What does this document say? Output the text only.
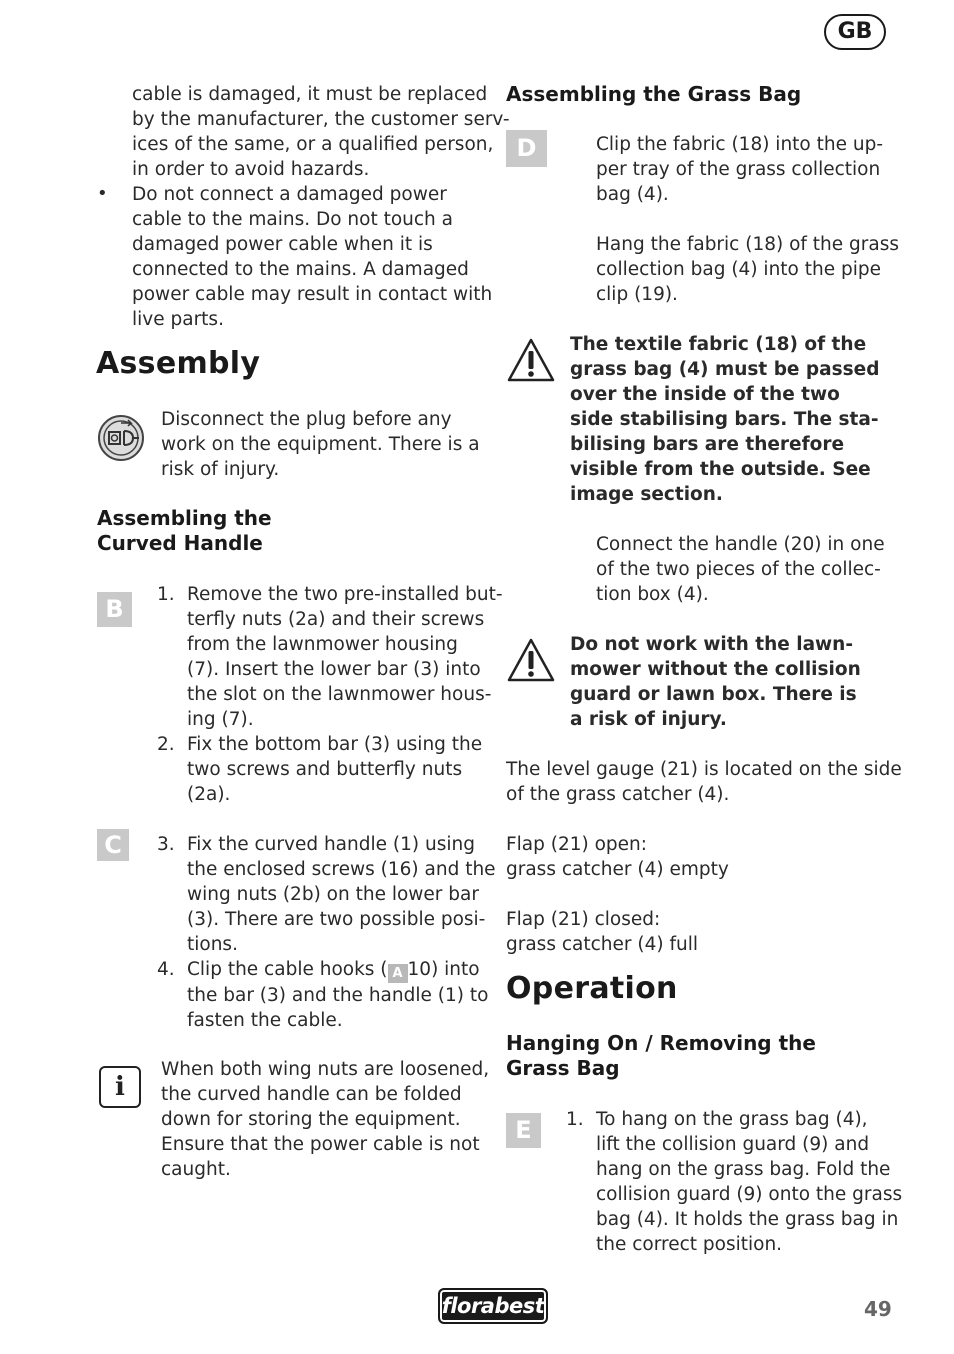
GB
cable is damaged, it must be replaced
by the manufacturer, the customer serv-
ices of the same, or a qualified person,
in order to avoid hazards.
• Do not connect a damaged power
cable to the mains. Do not touch a
damaged power cable when it is
connected to the mains. A damaged
power cable may result in contact with
live parts.
Assembly
Disconnect the plug before any
work on the equipment. There is a
risk of injury.
Assembling the
Curved Handle
B
1. Remove the two pre-installed but-
terfly nuts (2a) and their screws
from the lawnmower housing
(7). Insert the lower bar (3) into
the slot on the lawnmower hous-
ing (7).
2. Fix the bottom bar (3) using the
two screws and butterfly nuts
(2a).
C	3. Fix the curved handle (1) using
the enclosed screws (16) and the
wing nuts (2b) on the lower bar
(3). There are two possible posi-
tions.
4. Clip the cable hooks ( A 10) into
the bar (3) and the handle (1) to
fasten the cable.
i
When both wing nuts are loosened,
the curved handle can be folded
down for storing the equipment.
Ensure that the power cable is not
caught.
Assembling the Grass Bag
D	Clip the fabric (18) into the up-
per tray of the grass collection
bag (4).
Hang the fabric (18) of the grass
collection bag (4) into the pipe
clip (19).
The textile fabric (18) of the
grass bag (4) must be passed
over the inside of the two
side stabilising bars. The sta-
bilising bars are therefore
visible from the outside. See
image section.
Connect the handle (20) in one
of the two pieces of the collec-
tion box (4).
Do not work with the lawn-
mower without the collision
guard or lawn box. There is
a risk of injury.
The level gauge (21) is located on the side
of the grass catcher (4).
Flap (21) open:
grass catcher (4) empty
Flap (21) closed:
grass catcher (4) full
Operation
Hanging On / Removing the
Grass Bag
E	1. To hang on the grass bag (4),
lift the collision guard (9) and
hang on the grass bag. Fold the
collision guard (9) onto the grass
bag (4). It holds the grass bag in
the correct position.
florabest	49
